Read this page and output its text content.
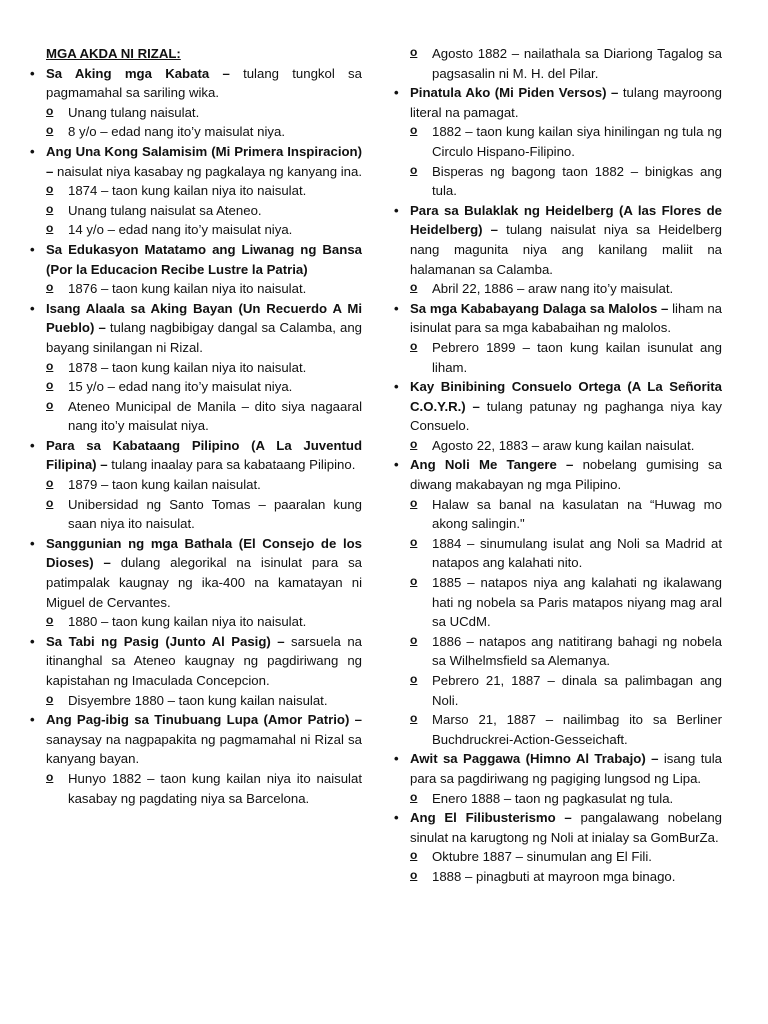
MGA AKDA NI RIZAL:

• Sa Aking mga Kabata – tulang tungkol sa pagmamahal sa sariling wika.
o Unang tulang naisulat.
o 8 y/o – edad nang ito’y maisulat niya.
• Ang Una Kong Salamisim (Mi Primera Inspiracion) – naisulat niya kasabay ng pagkalaya ng kanyang ina.
o 1874 – taon kung kailan niya ito naisulat.
o Unang tulang naisulat sa Ateneo.
o 14 y/o – edad nang ito’y maisulat niya.
• Sa Edukasyon Matatamo ang Liwanag ng Bansa (Por la Educacion Recibe Lustre la Patria)
o 1876 – taon kung kailan niya ito naisulat.
• Isang Alaala sa Aking Bayan (Un Recuerdo A Mi Pueblo) – tulang nagbibigay dangal sa Calamba, ang bayang sinilangan ni Rizal.
o 1878 – taon kung kailan niya ito naisulat.
o 15 y/o – edad nang ito’y maisulat niya.
o Ateneo Municipal de Manila – dito siya nagaaral nang ito’y maisulat niya.
• Para sa Kabataang Pilipino (A La Juventud Filipina) – tulang inaalay para sa kabataang Pilipino.
o 1879 – taon kung kailan naisulat.
o Unibersidad ng Santo Tomas – paaralan kung saan niya ito naisulat.
• Sanggunian ng mga Bathala (El Consejo de los Dioses) – dulang alegorikal na isinulat para sa patimpalak kaugnay ng ika-400 na kamatayan ni Miguel de Cervantes.
o 1880 – taon kung kailan niya ito naisulat.
• Sa Tabi ng Pasig (Junto Al Pasig) – sarsuela na itinanghal sa Ateneo kaugnay ng pagdiriwang ng kapistahan ng Imaculada Concepcion.
o Disyembre 1880 – taon kung kailan naisulat.
• Ang Pag-ibig sa Tinubuang Lupa (Amor Patrio) – sanaysay na nagpapakita ng pagmamahal ni Rizal sa kanyang bayan.
o Hunyo 1882 – taon kung kailan niya ito naisulat kasabay ng pagdating niya sa Barcelona.
o Agosto 1882 – nailathala sa Diariong Tagalog sa pagsasalin ni M. H. del Pilar.
• Pinatula Ako (Mi Piden Versos) – tulang mayroong literal na pamagat.
o 1882 – taon kung kailan siya hinilingan ng tula ng Circulo Hispano-Filipino.
o Bisperas ng bagong taon 1882 – binigkas ang tula.
• Para sa Bulaklak ng Heidelberg (A las Flores de Heidelberg) – tulang naisulat niya sa Heidelberg nang magunita niya ang kanilang maliit na halamanan sa Calamba.
o Abril 22, 1886 – araw nang ito’y maisulat.
• Sa mga Kababayang Dalaga sa Malolos – liham na isinulat para sa mga kababaihan ng malolos.
o Pebrero 1899 – taon kung kailan isunulat ang liham.
• Kay Binibining Consuelo Ortega (A La Señorita C.O.Y.R.) – tulang patunay ng paghanga niya kay Consuelo.
o Agosto 22, 1883 – araw kung kailan naisulat.
• Ang Noli Me Tangere – nobelang gumising sa diwang makabayan ng mga Pilipino.
o Halaw sa banal na kasulatan na “Huwag mo akong salingin."
o 1884 – sinumulang isulat ang Noli sa Madrid at natapos ang kalahati nito.
o 1885 – natapos niya ang kalahati ng ikalawang hati ng nobela sa Paris matapos niyang mag aral sa UCdM.
o 1886 – natapos ang natitirang bahagi ng nobela sa Wilhelmsfield sa Alemanya.
o Pebrero 21, 1887 – dinala sa palimbagan ang Noli.
o Marso 21, 1887 – nailimbag ito sa Berliner Buchdruckrei-Action-Gesseichaft.
• Awit sa Paggawa (Himno Al Trabajo) – isang tula para sa pagdiriwang ng pagiging lungsod ng Lipa.
o Enero 1888 – taon ng pagkasulat ng tula.
• Ang El Filibusterismo – pangalawang nobelang sinulat na karugtong ng Noli at inialay sa GomBurZa.
o Oktubre 1887 – sinumulan ang El Fili.
o 1888 – pinagbuti at mayroon mga binago.
